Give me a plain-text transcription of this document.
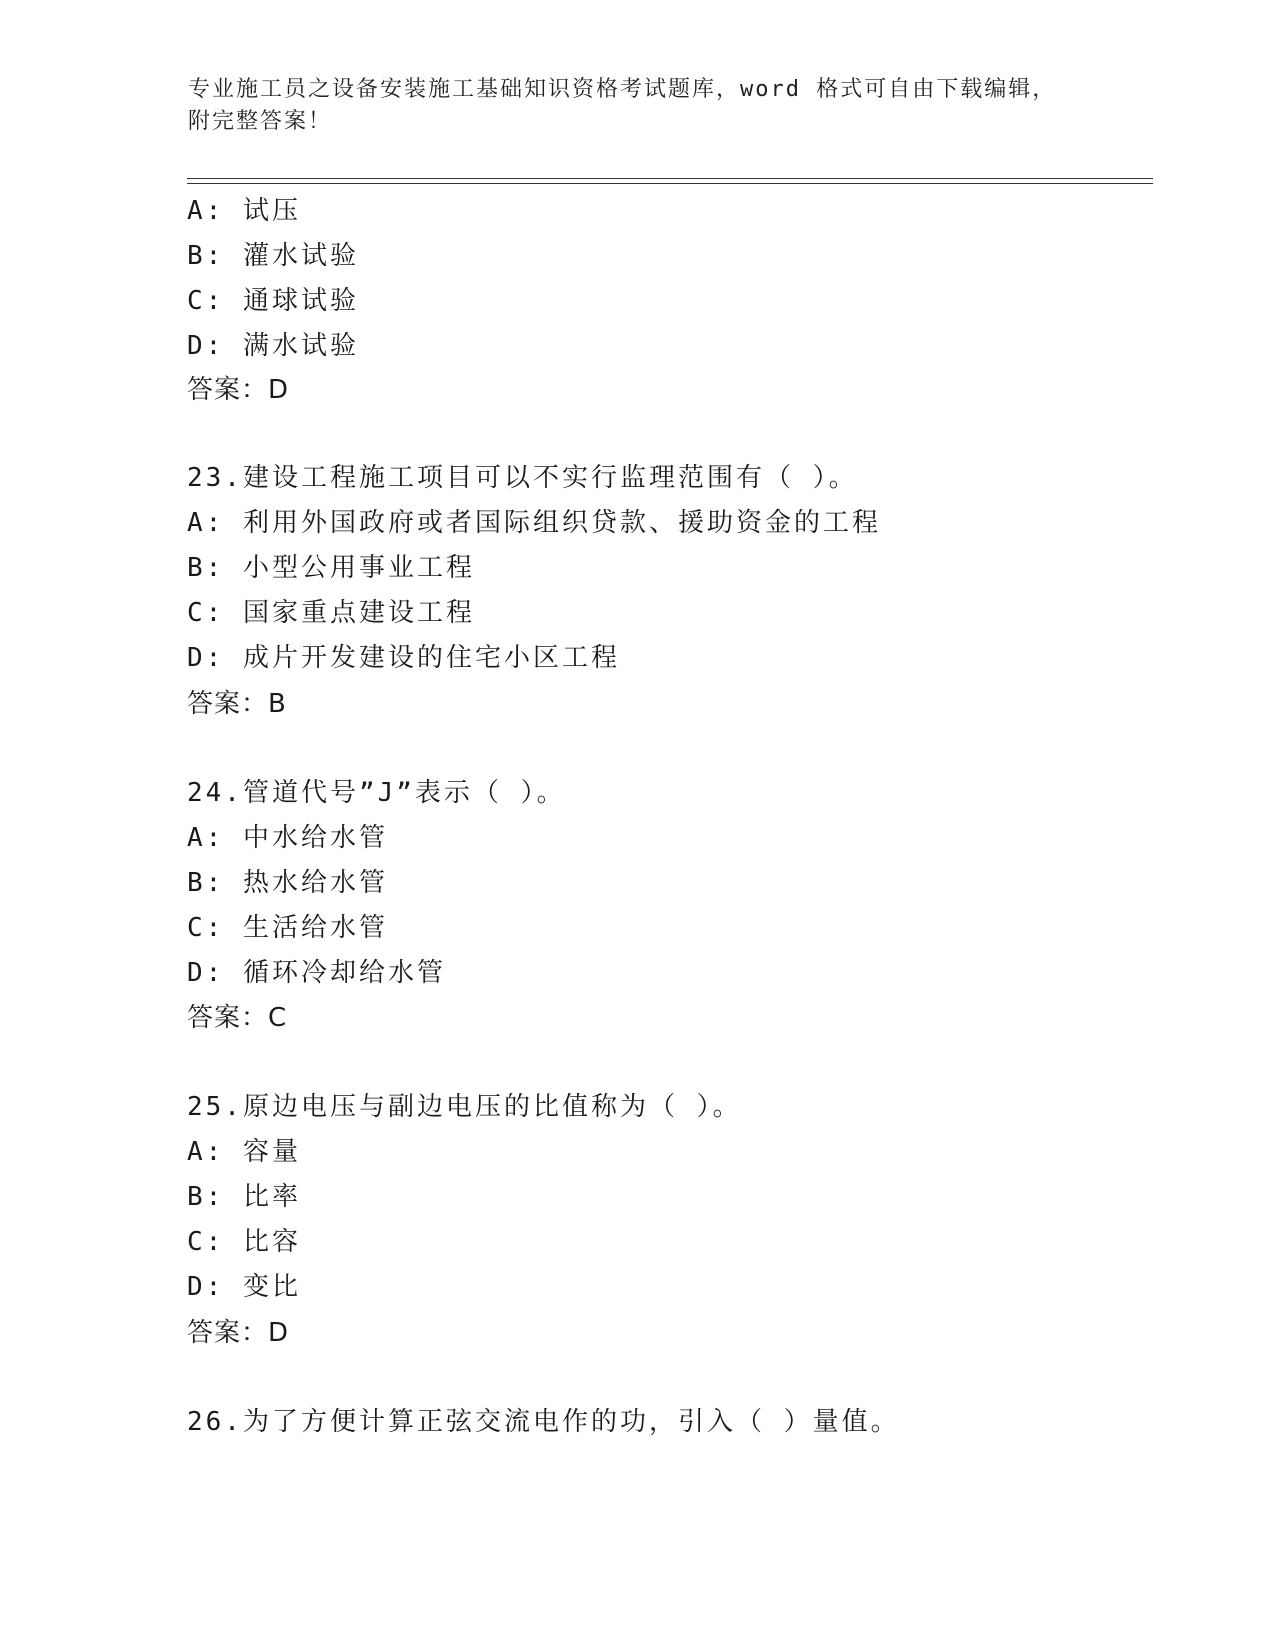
专业施工员之设备安装施工基础知识资格考试题库，word 格式可自由下载编辑，附完整答案！
A: 试压
B: 灌水试验
C: 通球试验
D: 满水试验
答案：D
23.建设工程施工项目可以不实行监理范围有（ ）。
A: 利用外国政府或者国际组织贷款、援助资金的工程
B: 小型公用事业工程
C: 国家重点建设工程
D: 成片开发建设的住宅小区工程
答案：B
24.管道代号”J”表示（ ）。
A: 中水给水管
B: 热水给水管
C: 生活给水管
D: 循环冷却给水管
答案：C
25.原边电压与副边电压的比值称为（ ）。
A: 容量
B: 比率
C: 比容
D: 变比
答案：D
26.为了方便计算正弦交流电作的功，引入（ ）量值。
